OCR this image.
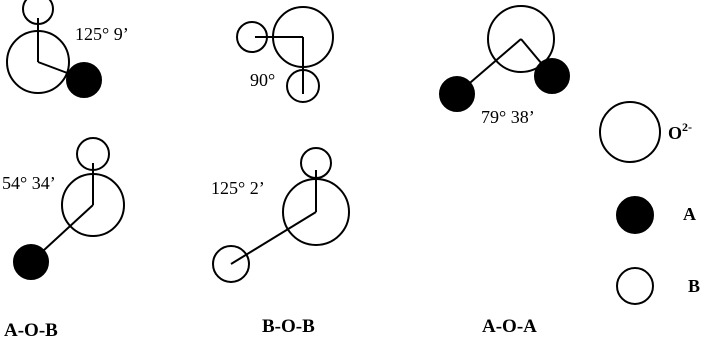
125° 9’
90°
79° 38’
54° 34’	125° 2’
A-O-B	B-O-B	A-O-A
$O^{2-}$
A
B
